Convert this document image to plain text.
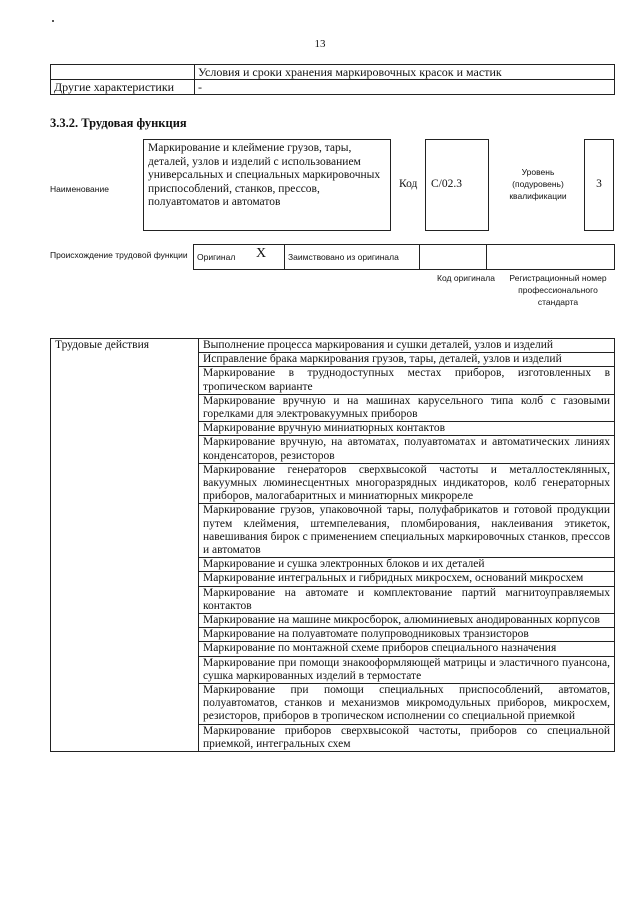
13
	Условия и сроки хранения маркировочных красок и мастик
Другие характеристики	-
3.3.2. Трудовая функция
Наименование
Маркирование и клеймение грузов, тары, деталей, узлов и изделий с использованием универсальных и специальных маркировочных приспособлений, станков, прессов, полуавтоматов и автоматов
Код C/02.3
Уровень (подуровень) квалификации
3
Происхождение трудовой функции Оригинал X	Заимствовано из оригинала		
Код оригинала	Регистрационный номер профессионального стандарта
Трудовые действия	Выполнение процесса маркирования и сушки деталей, узлов и изделий
Исправление брака маркирования грузов, тары, деталей, узлов и изделий
Маркирование в труднодоступных местах приборов, изготовленных в тропическом варианте
Маркирование вручную и на машинах карусельного типа колб с газовыми горелками для электровакуумных приборов
Маркирование вручную миниатюрных контактов
Маркирование вручную, на автоматах, полуавтоматах и автоматических линиях конденсаторов, резисторов
Маркирование генераторов сверхвысокой частоты и металлостеклянных, вакуумных люминесцентных многоразрядных индикаторов, колб генераторных приборов, малогабаритных и миниатюрных микрореле
Маркирование грузов, упаковочной тары, полуфабрикатов и готовой продукции путем клеймения, штемпелевания, пломбирования, наклеивания этикеток, навешивания бирок с применением специальных маркировочных станков, прессов и автоматов
Маркирование и сушка электронных блоков и их деталей
Маркирование интегральных и гибридных микросхем, оснований микросхем
Маркирование на автомате и комплектование партий магнитоуправляемых контактов
Маркирование на машине микросборок, алюминиевых анодированных корпусов
Маркирование на полуавтомате полупроводниковых транзисторов
Маркирование по монтажной схеме приборов специального назначения
Маркирование при помощи знакооформляющей матрицы и эластичного пуансона, сушка маркированных изделий в термостате
Маркирование при помощи специальных приспособлений, автоматов, полуавтоматов, станков и механизмов микромодульных приборов, микросхем, резисторов, приборов в тропическом исполнении со специальной приемкой
Маркирование приборов сверхвысокой частоты, приборов со специальной приемкой, интегральных схем
